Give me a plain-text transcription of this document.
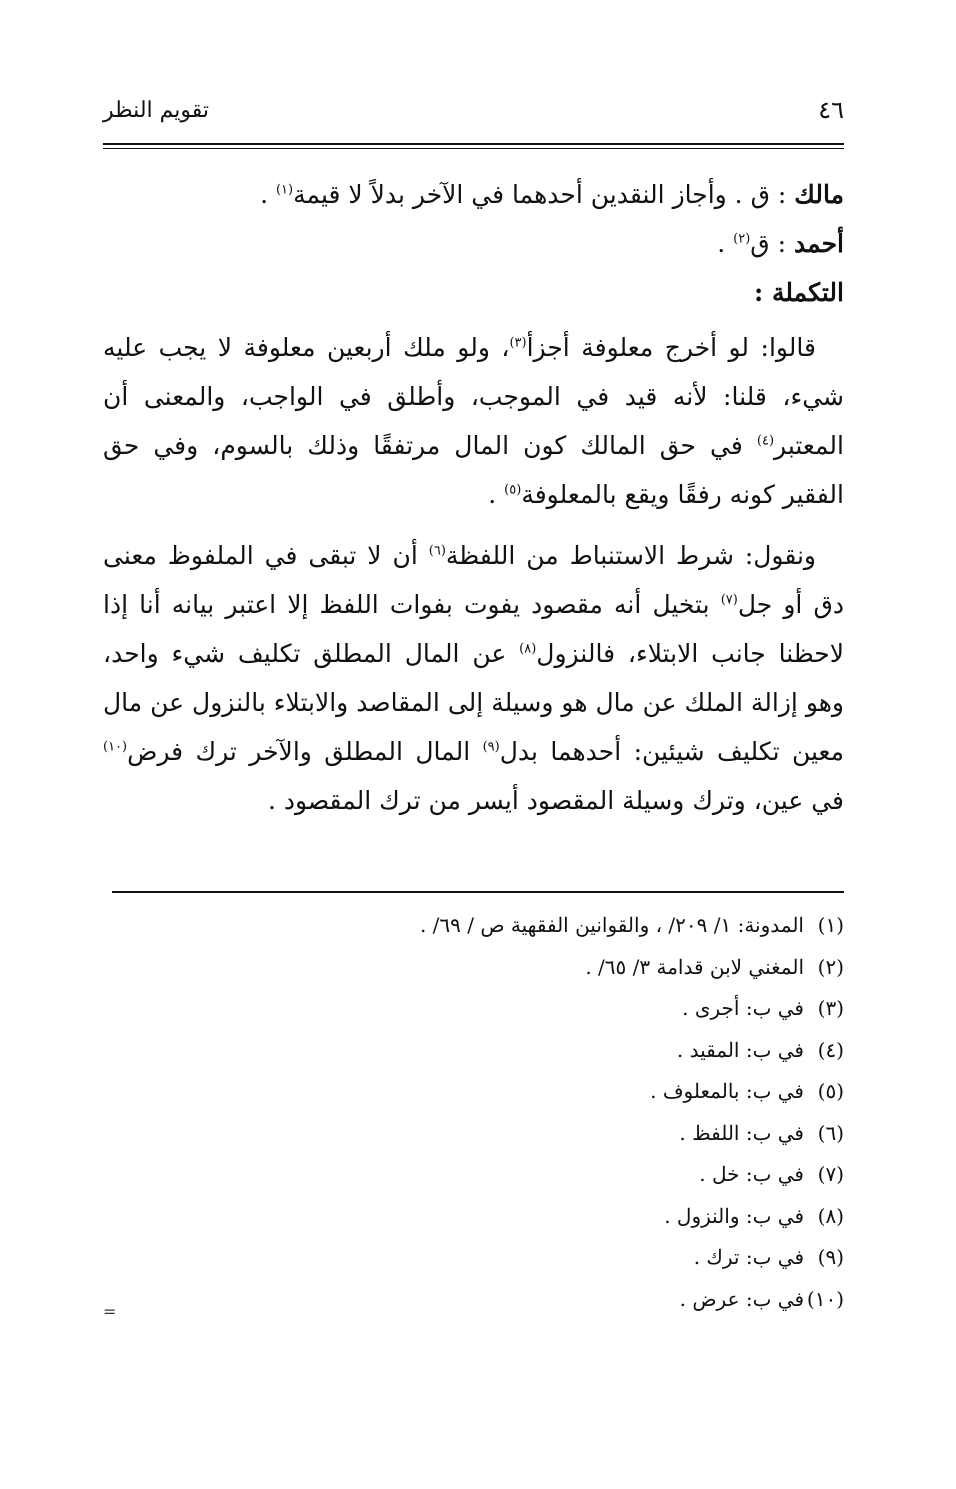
٤٦
تقويم النظر

مالك : ق . وأجاز النقدين أحدهما في الآخر بدلاً لا قيمة$^{(١)}$ .

أحمد : ق$^{(٢)}$ .

التكملة :

قالوا: لو أخرج معلوفة أجزأ$^{(٣)}$، ولو ملك أربعين معلوفة لا يجب عليه شيء، قلنا: لأنه قيد في الموجب، وأطلق في الواجب، والمعنى أن المعتبر$^{(٤)}$ في حق المالك كون المال مرتفقًا وذلك بالسوم، وفي حق الفقير كونه رفقًا ويقع بالمعلوفة$^{(٥)}$ .

ونقول: شرط الاستنباط من اللفظة$^{(٦)}$ أن لا تبقى في الملفوظ معنى دق أو جل$^{(٧)}$ بتخيل أنه مقصود يفوت بفوات اللفظ إلا اعتبر بيانه أنا إذا لاحظنا جانب الابتلاء، فالنزول$^{(٨)}$ عن المال المطلق تكليف شيء واحد، وهو إزالة الملك عن مال هو وسيلة إلى المقاصد والابتلاء بالنزول عن مال معين تكليف شيئين: أحدهما بدل$^{(٩)}$ المال المطلق والآخر ترك فرض$^{(١٠)}$ في عين، وترك وسيلة المقصود أيسر من ترك المقصود .

(١)المدونة: ١/ ٢٠٩/ ، والقوانين الفقهية ص / ٦٩/ .
(٢)المغني لابن قدامة ٣/ ٦٥/ .
(٣)في ب: أجرى .
(٤)في ب: المقيد .
(٥)في ب: بالمعلوف .
(٦)في ب: اللفظ .
(٧)في ب: خل .
(٨)في ب: والنزول .
(٩)في ب: ترك .
(١٠)في ب: عرض .
=
